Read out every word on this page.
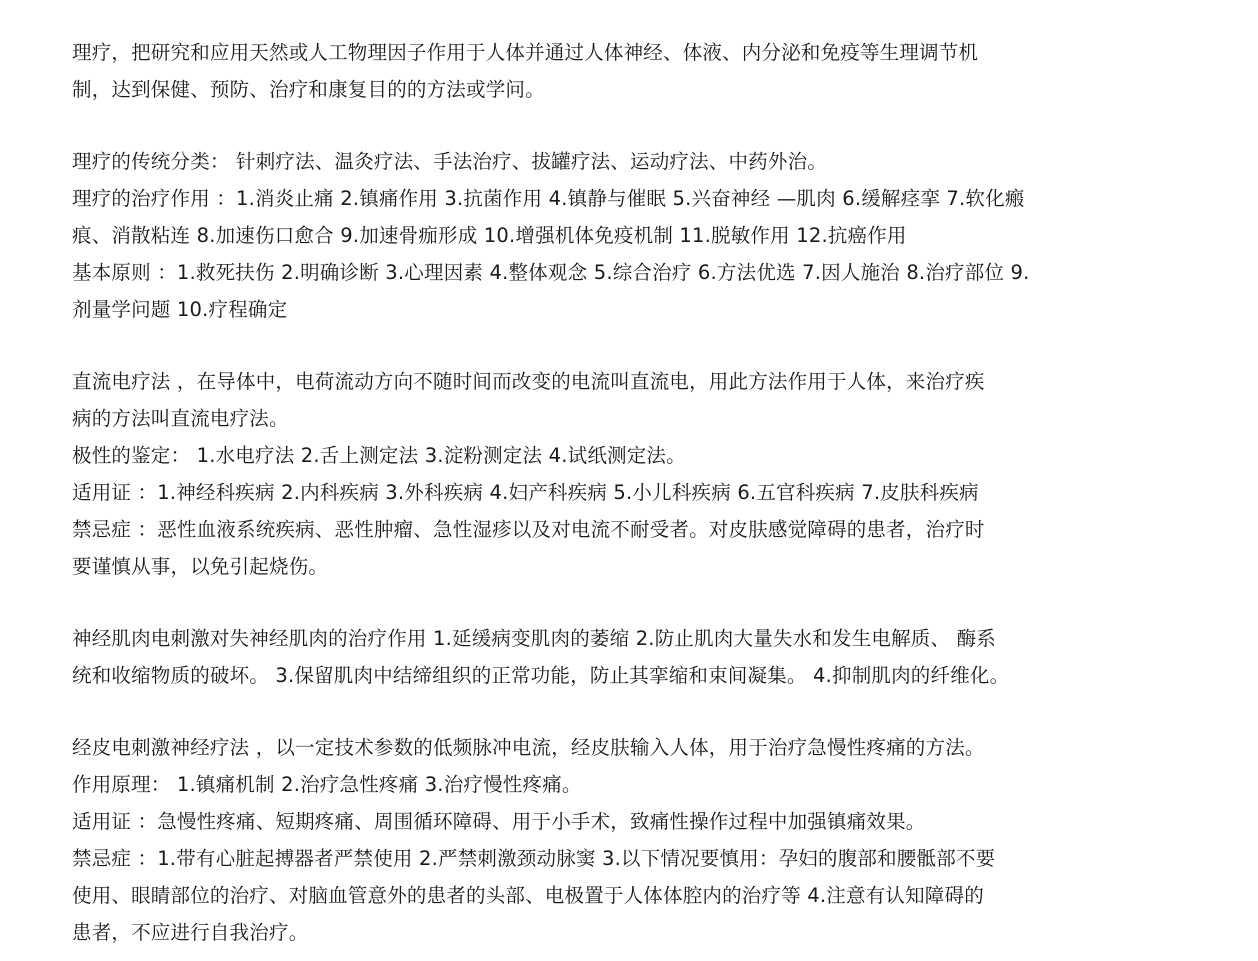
理疗，把研究和应用天然或人工物理因子作用于人体并通过人体神经、体液、内分泌和免疫等生理调节机
制，达到保健、预防、治疗和康复目的的方法或学问。
理疗的传统分类： 针刺疗法、温灸疗法、手法治疗、拔罐疗法、运动疗法、中药外治。
理疗的治疗作用 ：1.消炎止痛 2.镇痛作用 3.抗菌作用 4.镇静与催眠 5.兴奋神经 —肌肉 6.缓解痉挛 7.软化瘢
痕、消散粘连 8.加速伤口愈合 9.加速骨痂形成 10.增强机体免疫机制 11.脱敏作用 12.抗癌作用
基本原则 ：1.救死扶伤 2.明确诊断 3.心理因素 4.整体观念 5.综合治疗 6.方法优选 7.因人施治 8.治疗部位 9.
剂量学问题 10.疗程确定
直流电疗法 ，在导体中，电荷流动方向不随时间而改变的电流叫直流电，用此方法作用于人体，来治疗疾
病的方法叫直流电疗法。
极性的鉴定： 1.水电疗法 2.舌上测定法 3.淀粉测定法 4.试纸测定法。
适用证 ：1.神经科疾病 2.内科疾病 3.外科疾病 4.妇产科疾病 5.小儿科疾病 6.五官科疾病 7.皮肤科疾病
禁忌症 ：恶性血液系统疾病、恶性肿瘤、急性湿疹以及对电流不耐受者。对皮肤感觉障碍的患者，治疗时
要谨慎从事，以免引起烧伤。
神经肌肉电刺激对失神经肌肉的治疗作用 1.延缓病变肌肉的萎缩 2.防止肌肉大量失水和发生电解质、 酶系
统和收缩物质的破坏。 3.保留肌肉中结缔组织的正常功能，防止其挛缩和束间凝集。 4.抑制肌肉的纤维化。
经皮电刺激神经疗法 ，以一定技术参数的低频脉冲电流，经皮肤输入人体，用于治疗急慢性疼痛的方法。
作用原理： 1.镇痛机制 2.治疗急性疼痛 3.治疗慢性疼痛。
适用证 ：急慢性疼痛、短期疼痛、周围循环障碍、用于小手术，致痛性操作过程中加强镇痛效果。
禁忌症 ：1.带有心脏起搏器者严禁使用 2.严禁刺激颈动脉窦 3.以下情况要慎用：孕妇的腹部和腰骶部不要
使用、眼睛部位的治疗、对脑血管意外的患者的头部、电极置于人体体腔内的治疗等 4.注意有认知障碍的
患者，不应进行自我治疗。
